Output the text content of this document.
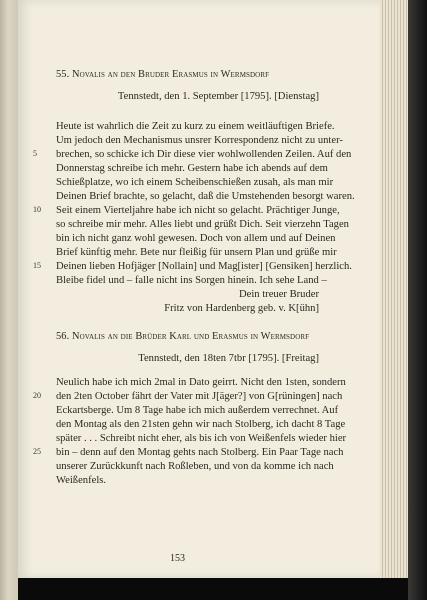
55. Novalis an den Bruder Erasmus in Wermsdorf
Tennstedt, den 1. September [1795]. [Dienstag]
Heute ist wahrlich die Zeit zu kurz zu einem weitläuftigen Briefe.
Um jedoch den Mechanismus unsrer Korrespondenz nicht zu unter-
brechen, so schicke ich Dir diese vier wohlwollenden Zeilen. Auf den
Donnerstag schreibe ich mehr. Gestern habe ich abends auf dem
Schießplatze, wo ich einem Scheibenschießen zusah, als man mir
Deinen Brief brachte, so gelacht, daß die Umstehenden besorgt waren.
Seit einem Vierteljahre habe ich nicht so gelacht. Prächtiger Junge,
so schreibe mir mehr. Alles liebt und grüßt Dich. Seit vierzehn Tagen
bin ich nicht ganz wohl gewesen. Doch von allem und auf Deinen
Brief künftig mehr. Bete nur fleißig für unsern Plan und grüße mir
Deinen lieben Hofjäger [Nollain] und Mag[ister] [Gensiken] herzlich.
Bleibe fidel und – falle nicht ins Sorgen hinein. Ich sehe Land –
Dein treuer Bruder
Fritz von Hardenberg geb. v. K[ühn]
5
10
15
56. Novalis an die Brüder Karl und Erasmus in Wermsdorf
Tennstedt, den 18ten 7tbr [1795]. [Freitag]
Neulich habe ich mich 2mal in Dato geirrt. Nicht den 1sten, sondern
den 2ten October fährt der Vater mit J[äger?] von G[rüningen] nach
Eckartsberge. Um 8 Tage habe ich mich außerdem verrechnet. Auf
den Montag als den 21sten gehn wir nach Stolberg, ich dacht 8 Tage
später . . . Schreibt nicht eher, als bis ich von Weißenfels wieder hier
bin – denn auf den Montag gehts nach Stolberg. Ein Paar Tage nach
unserer Zurückkunft nach Roßleben, und von da komme ich nach
Weißenfels.
20
25
153
